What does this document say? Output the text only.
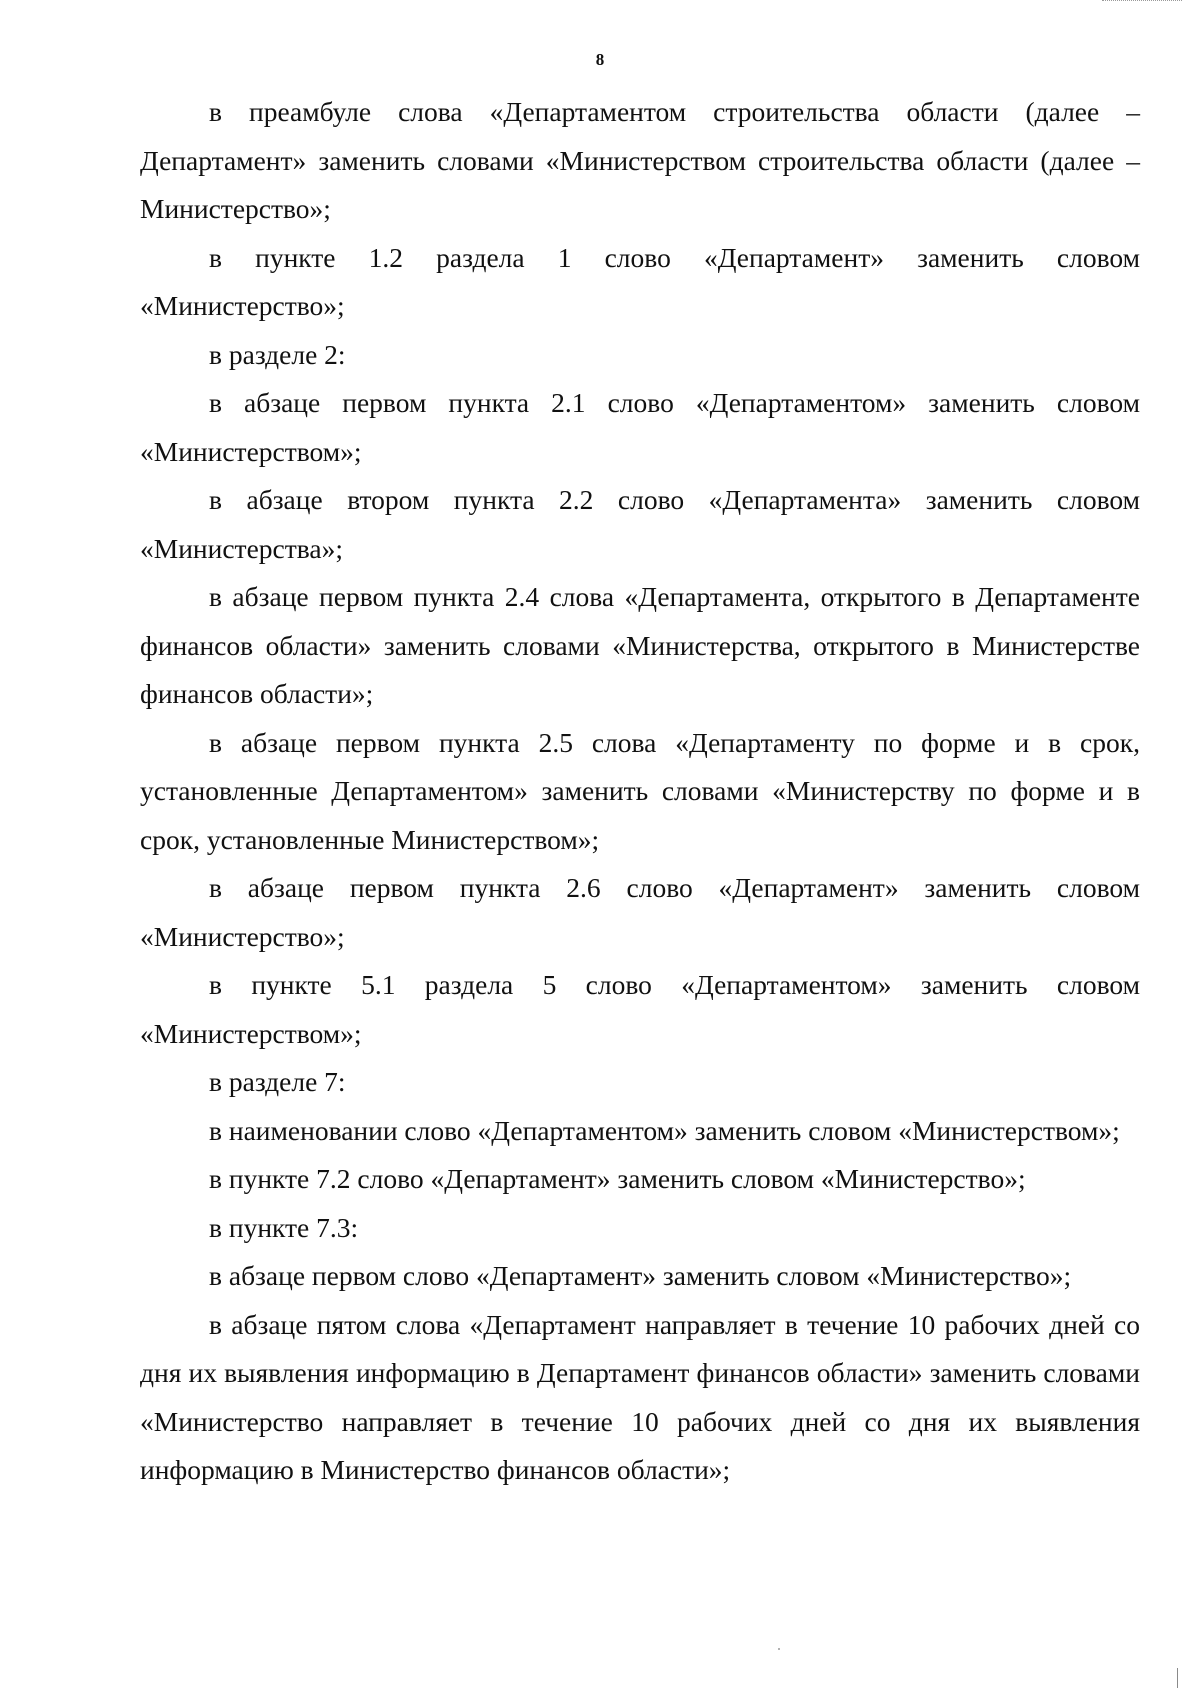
8

в преамбуле слова «Департаментом строительства области (далее – Департамент» заменить словами «Министерством строительства области (далее – Министерство»;

в пункте 1.2 раздела 1 слово «Департамент» заменить словом «Министерство»;

в разделе 2:

в абзаце первом пункта 2.1 слово «Департаментом» заменить словом «Министерством»;

в абзаце втором пункта 2.2 слово «Департамента» заменить словом «Министерства»;

в абзаце первом пункта 2.4 слова «Департамента, открытого в Департаменте финансов области» заменить словами «Министерства, открытого в Министерстве финансов области»;

в абзаце первом пункта 2.5 слова «Департаменту по форме и в срок, установленные Департаментом» заменить словами «Министерству по форме и в срок, установленные Министерством»;

в абзаце первом пункта 2.6 слово «Департамент» заменить словом «Министерство»;

в пункте 5.1 раздела 5 слово «Департаментом» заменить словом «Министерством»;

в разделе 7:

в наименовании слово «Департаментом» заменить словом «Министерством»;

в пункте 7.2 слово «Департамент» заменить словом «Министерство»;

в пункте 7.3:

в абзаце первом слово «Департамент» заменить словом «Министерство»;

в абзаце пятом слова «Департамент направляет в течение 10 рабочих дней со дня их выявления информацию в Департамент финансов области» заменить словами «Министерство направляет в течение 10 рабочих дней со дня их выявления информацию в Министерство финансов области»;
